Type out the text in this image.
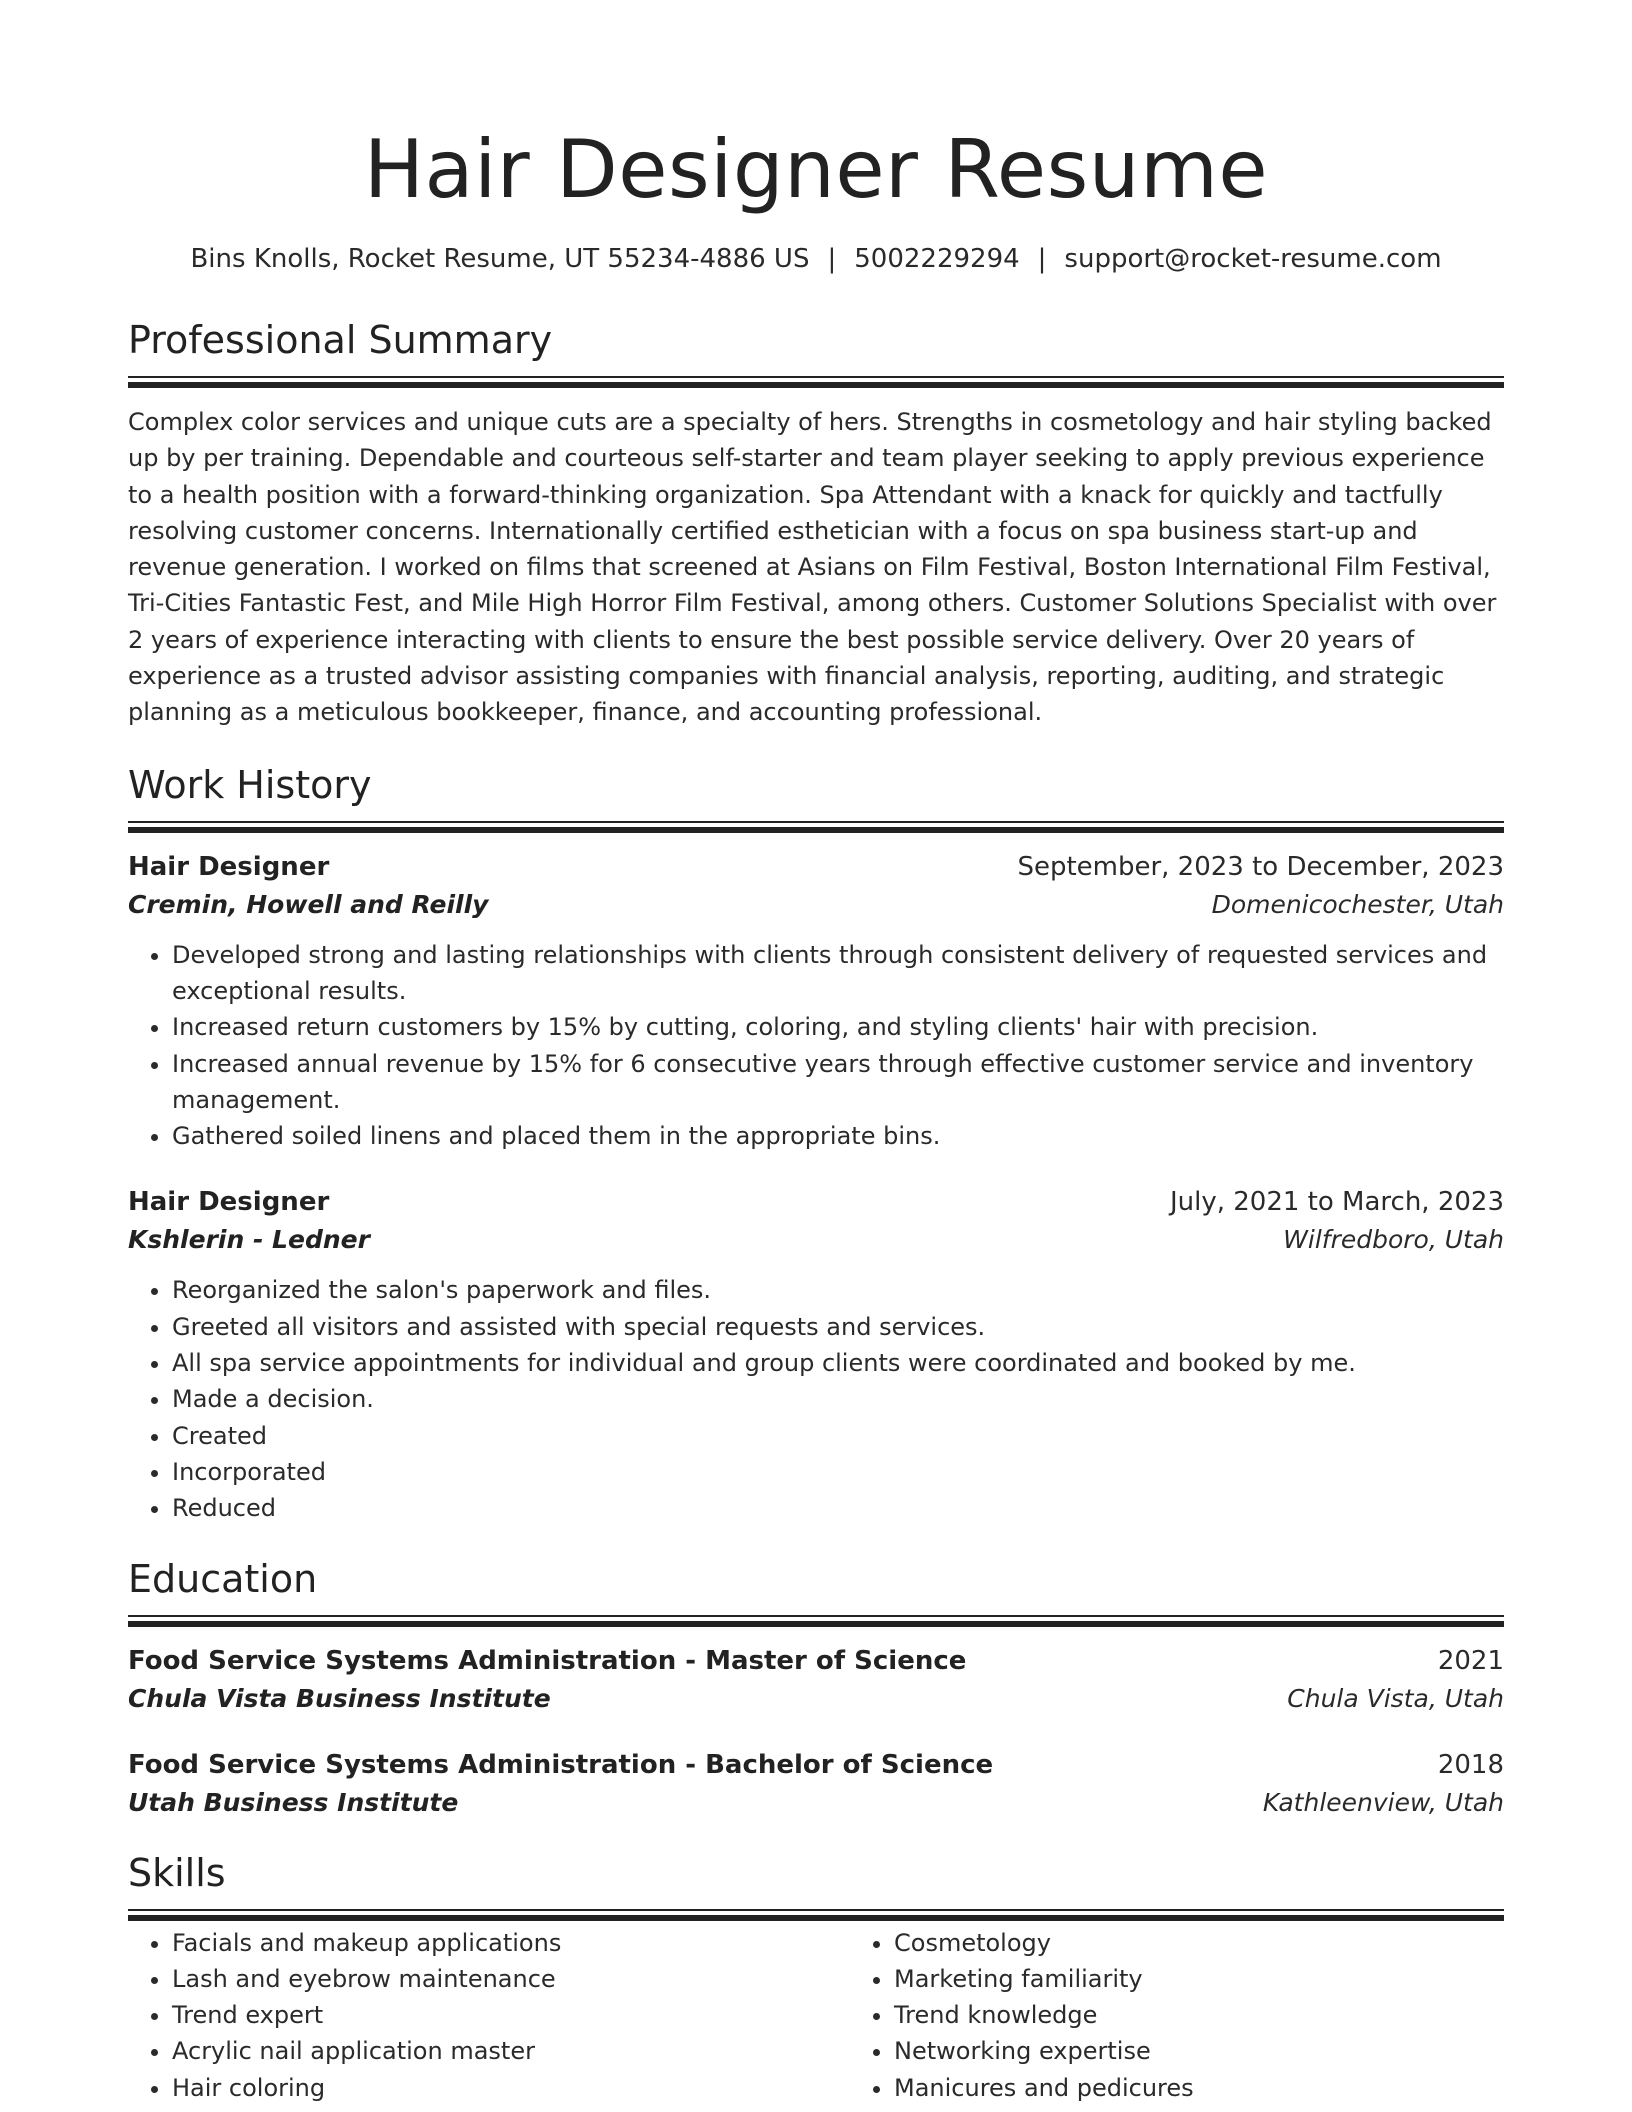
Hair Designer Resume
Bins Knolls, Rocket Resume, UT 55234-4886 US | 5002229294 | support@rocket-resume.com
Professional Summary

Complex color services and unique cuts are a specialty of hers. Strengths in cosmetology and hair styling backed up by per training. Dependable and courteous self-starter and team player seeking to apply previous experience to a health position with a forward-thinking organization. Spa Attendant with a knack for quickly and tactfully resolving customer concerns. Internationally certified esthetician with a focus on spa business start-up and revenue generation. I worked on films that screened at Asians on Film Festival, Boston International Film Festival, Tri-Cities Fantastic Fest, and Mile High Horror Film Festival, among others. Customer Solutions Specialist with over 2 years of experience interacting with clients to ensure the best possible service delivery. Over 20 years of experience as a trusted advisor assisting companies with financial analysis, reporting, auditing, and strategic planning as a meticulous bookkeeper, finance, and accounting professional.

Work History
Hair Designer	September, 2023 to December, 2023
Cremin, Howell and Reilly	Domenicochester, Utah
• Developed strong and lasting relationships with clients through consistent delivery of requested services and exceptional results.
• Increased return customers by 15% by cutting, coloring, and styling clients' hair with precision.
• Increased annual revenue by 15% for 6 consecutive years through effective customer service and inventory management.
• Gathered soiled linens and placed them in the appropriate bins.
Hair Designer	July, 2021 to March, 2023
Kshlerin - Ledner	Wilfredboro, Utah
• Reorganized the salon's paperwork and files.
• Greeted all visitors and assisted with special requests and services.
• All spa service appointments for individual and group clients were coordinated and booked by me.
• Made a decision.
• Created
• Incorporated
• Reduced
Education
Food Service Systems Administration - Master of Science	2021
Chula Vista Business Institute	Chula Vista, Utah
Food Service Systems Administration - Bachelor of Science	2018
Utah Business Institute	Kathleenview, Utah
Skills
• Facials and makeup applications
• Lash and eyebrow maintenance
• Trend expert
• Acrylic nail application master
• Hair coloring
• Cosmetology
• Marketing familiarity
• Trend knowledge
• Networking expertise
• Manicures and pedicures
